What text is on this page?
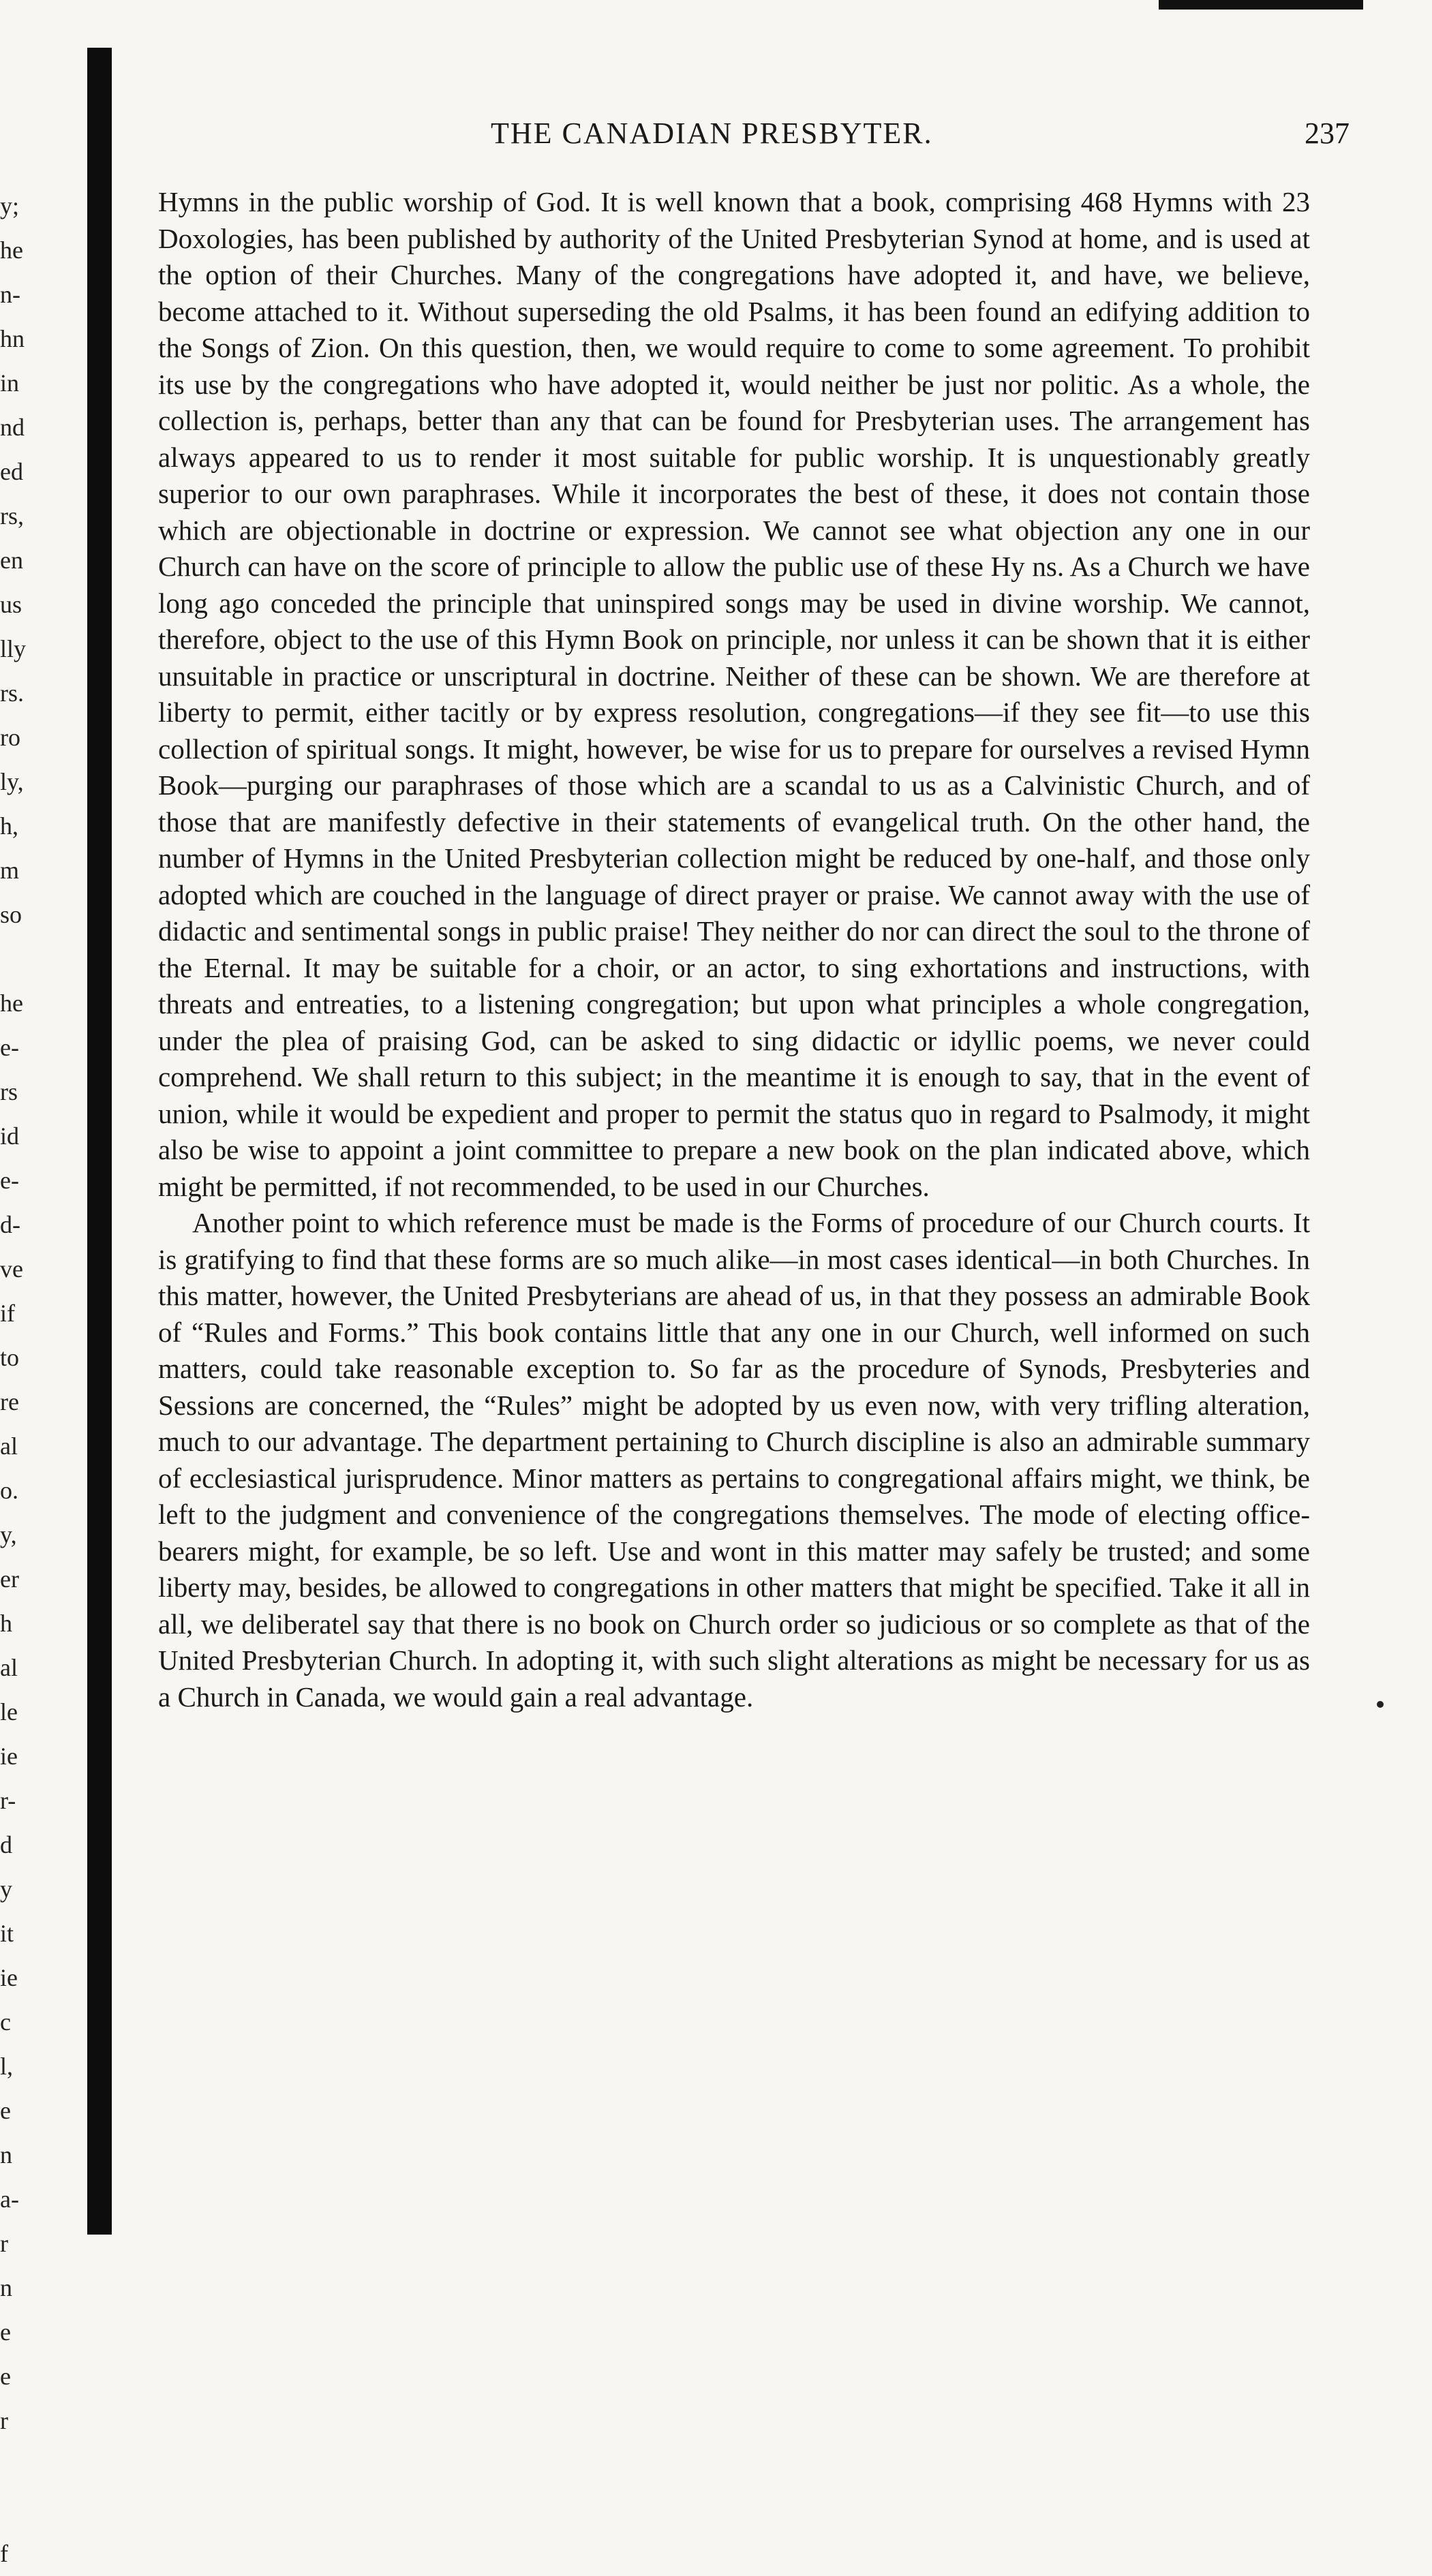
y;
he
n-
hn
in
nd
ed
rs,
en
us
lly
rs.
ro
ly,
h,
m
so
he
e-
rs
id
e-
d-
ve
if
to
re
al
o.
y,
er
h
al
le
ie
r-
d
y
it
ie
c
l,
e
n
a-
r
n
e
e
r
f
THE CANADIAN PRESBYTER.	237

Hymns in the public worship of God. It is well known that a book, comprising 468 Hymns with 23 Doxologies, has been published by authority of the United Presbyterian Synod at home, and is used at the option of their Churches. Many of the congregations have adopted it, and have, we believe, become attached to it. Without superseding the old Psalms, it has been found an edifying addition to the Songs of Zion. On this question, then, we would require to come to some agreement. To prohibit its use by the congregations who have adopted it, would neither be just nor politic. As a whole, the collection is, perhaps, better than any that can be found for Presbyterian uses. The arrangement has always appeared to us to render it most suitable for public worship. It is unquestionably greatly superior to our own paraphrases. While it incorporates the best of these, it does not contain those which are objectionable in doctrine or expression. We cannot see what objection any one in our Church can have on the score of principle to allow the public use of these Hy ns. As a Church we have long ago conceded the principle that uninspired songs may be used in divine worship. We cannot, therefore, object to the use of this Hymn Book on principle, nor unless it can be shown that it is either unsuitable in practice or unscriptural in doctrine. Neither of these can be shown. We are therefore at liberty to permit, either tacitly or by express resolution, congregations—if they see fit—to use this collection of spiritual songs. It might, however, be wise for us to prepare for ourselves a revised Hymn Book—purging our paraphrases of those which are a scandal to us as a Calvinistic Church, and of those that are manifestly defective in their statements of evangelical truth. On the other hand, the number of Hymns in the United Presbyterian collection might be reduced by one-half, and those only adopted which are couched in the language of direct prayer or praise. We cannot away with the use of didactic and sentimental songs in public praise! They neither do nor can direct the soul to the throne of the Eternal. It may be suitable for a choir, or an actor, to sing exhortations and instructions, with threats and entreaties, to a listening congregation; but upon what principles a whole congregation, under the plea of praising God, can be asked to sing didactic or idyllic poems, we never could comprehend. We shall return to this subject; in the meantime it is enough to say, that in the event of union, while it would be expedient and proper to permit the status quo in regard to Psalmody, it might also be wise to appoint a joint committee to prepare a new book on the plan indicated above, which might be permitted, if not recommended, to be used in our Churches.

Another point to which reference must be made is the Forms of procedure of our Church courts. It is gratifying to find that these forms are so much alike—in most cases identical—in both Churches. In this matter, however, the United Presbyterians are ahead of us, in that they possess an admirable Book of “Rules and Forms.” This book contains little that any one in our Church, well informed on such matters, could take reasonable exception to. So far as the procedure of Synods, Presbyteries and Sessions are concerned, the “Rules” might be adopted by us even now, with very trifling alteration, much to our advantage. The department pertaining to Church discipline is also an admirable summary of ecclesiastical jurisprudence. Minor matters as pertains to congregational affairs might, we think, be left to the judgment and convenience of the congregations themselves. The mode of electing office-bearers might, for example, be so left. Use and wont in this matter may safely be trusted; and some liberty may, besides, be allowed to congregations in other matters that might be specified. Take it all in all, we deliberatel say that there is no book on Church order so judicious or so complete as that of the United Presbyterian Church. In adopting it, with such slight alterations as might be necessary for us as a Church in Canada, we would gain a real advantage.
